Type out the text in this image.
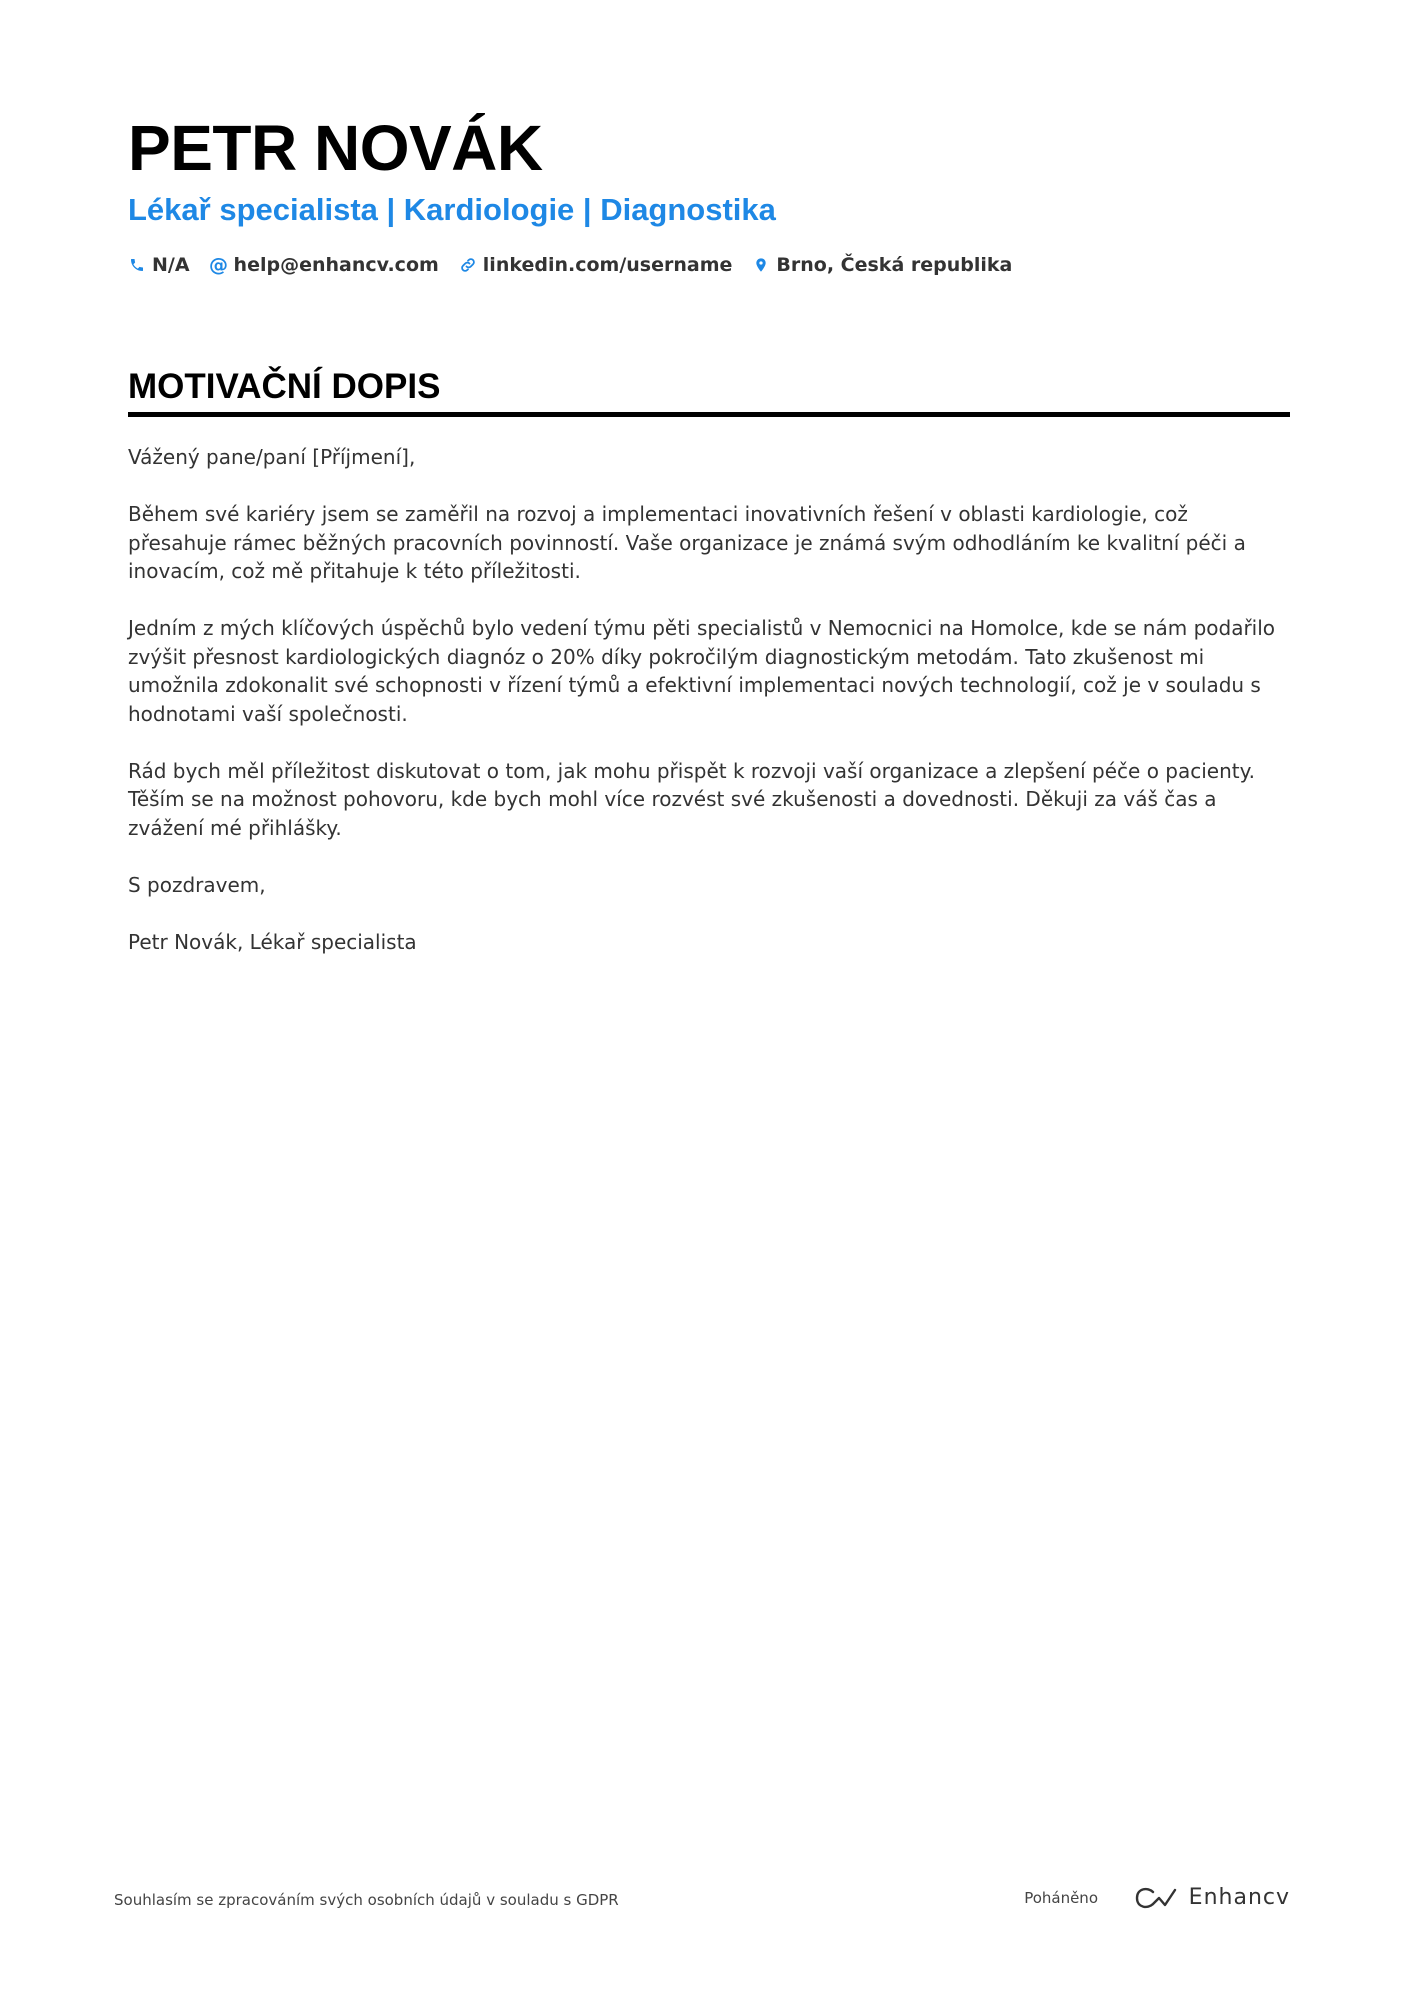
PETR NOVÁK
Lékař specialista | Kardiologie | Diagnostika
N/A @ help@enhancv.com linkedin.com/username Brno, Česká republika
MOTIVAČNÍ DOPIS

Vážený pane/paní [Příjmení],

Během své kariéry jsem se zaměřil na rozvoj a implementaci inovativních řešení v oblasti kardiologie, což přesahuje rámec běžných pracovních povinností. Vaše organizace je známá svým odhodláním ke kvalitní péči a inovacím, což mě přitahuje k této příležitosti.

Jedním z mých klíčových úspěchů bylo vedení týmu pěti specialistů v Nemocnici na Homolce, kde se nám podařilo zvýšit přesnost kardiologických diagnóz o 20% díky pokročilým diagnostickým metodám. Tato zkušenost mi umožnila zdokonalit své schopnosti v řízení týmů a efektivní implementaci nových technologií, což je v souladu s hodnotami vaší společnosti.

Rád bych měl příležitost diskutovat o tom, jak mohu přispět k rozvoji vaší organizace a zlepšení péče o pacienty. Těším se na možnost pohovoru, kde bych mohl více rozvést své zkušenosti a dovednosti. Děkuji za váš čas a zvážení mé přihlášky.

S pozdravem,

Petr Novák, Lékař specialista

Souhlasím se zpracováním svých osobních údajů v souladu s GDPR	Poháněno	Enhancv
